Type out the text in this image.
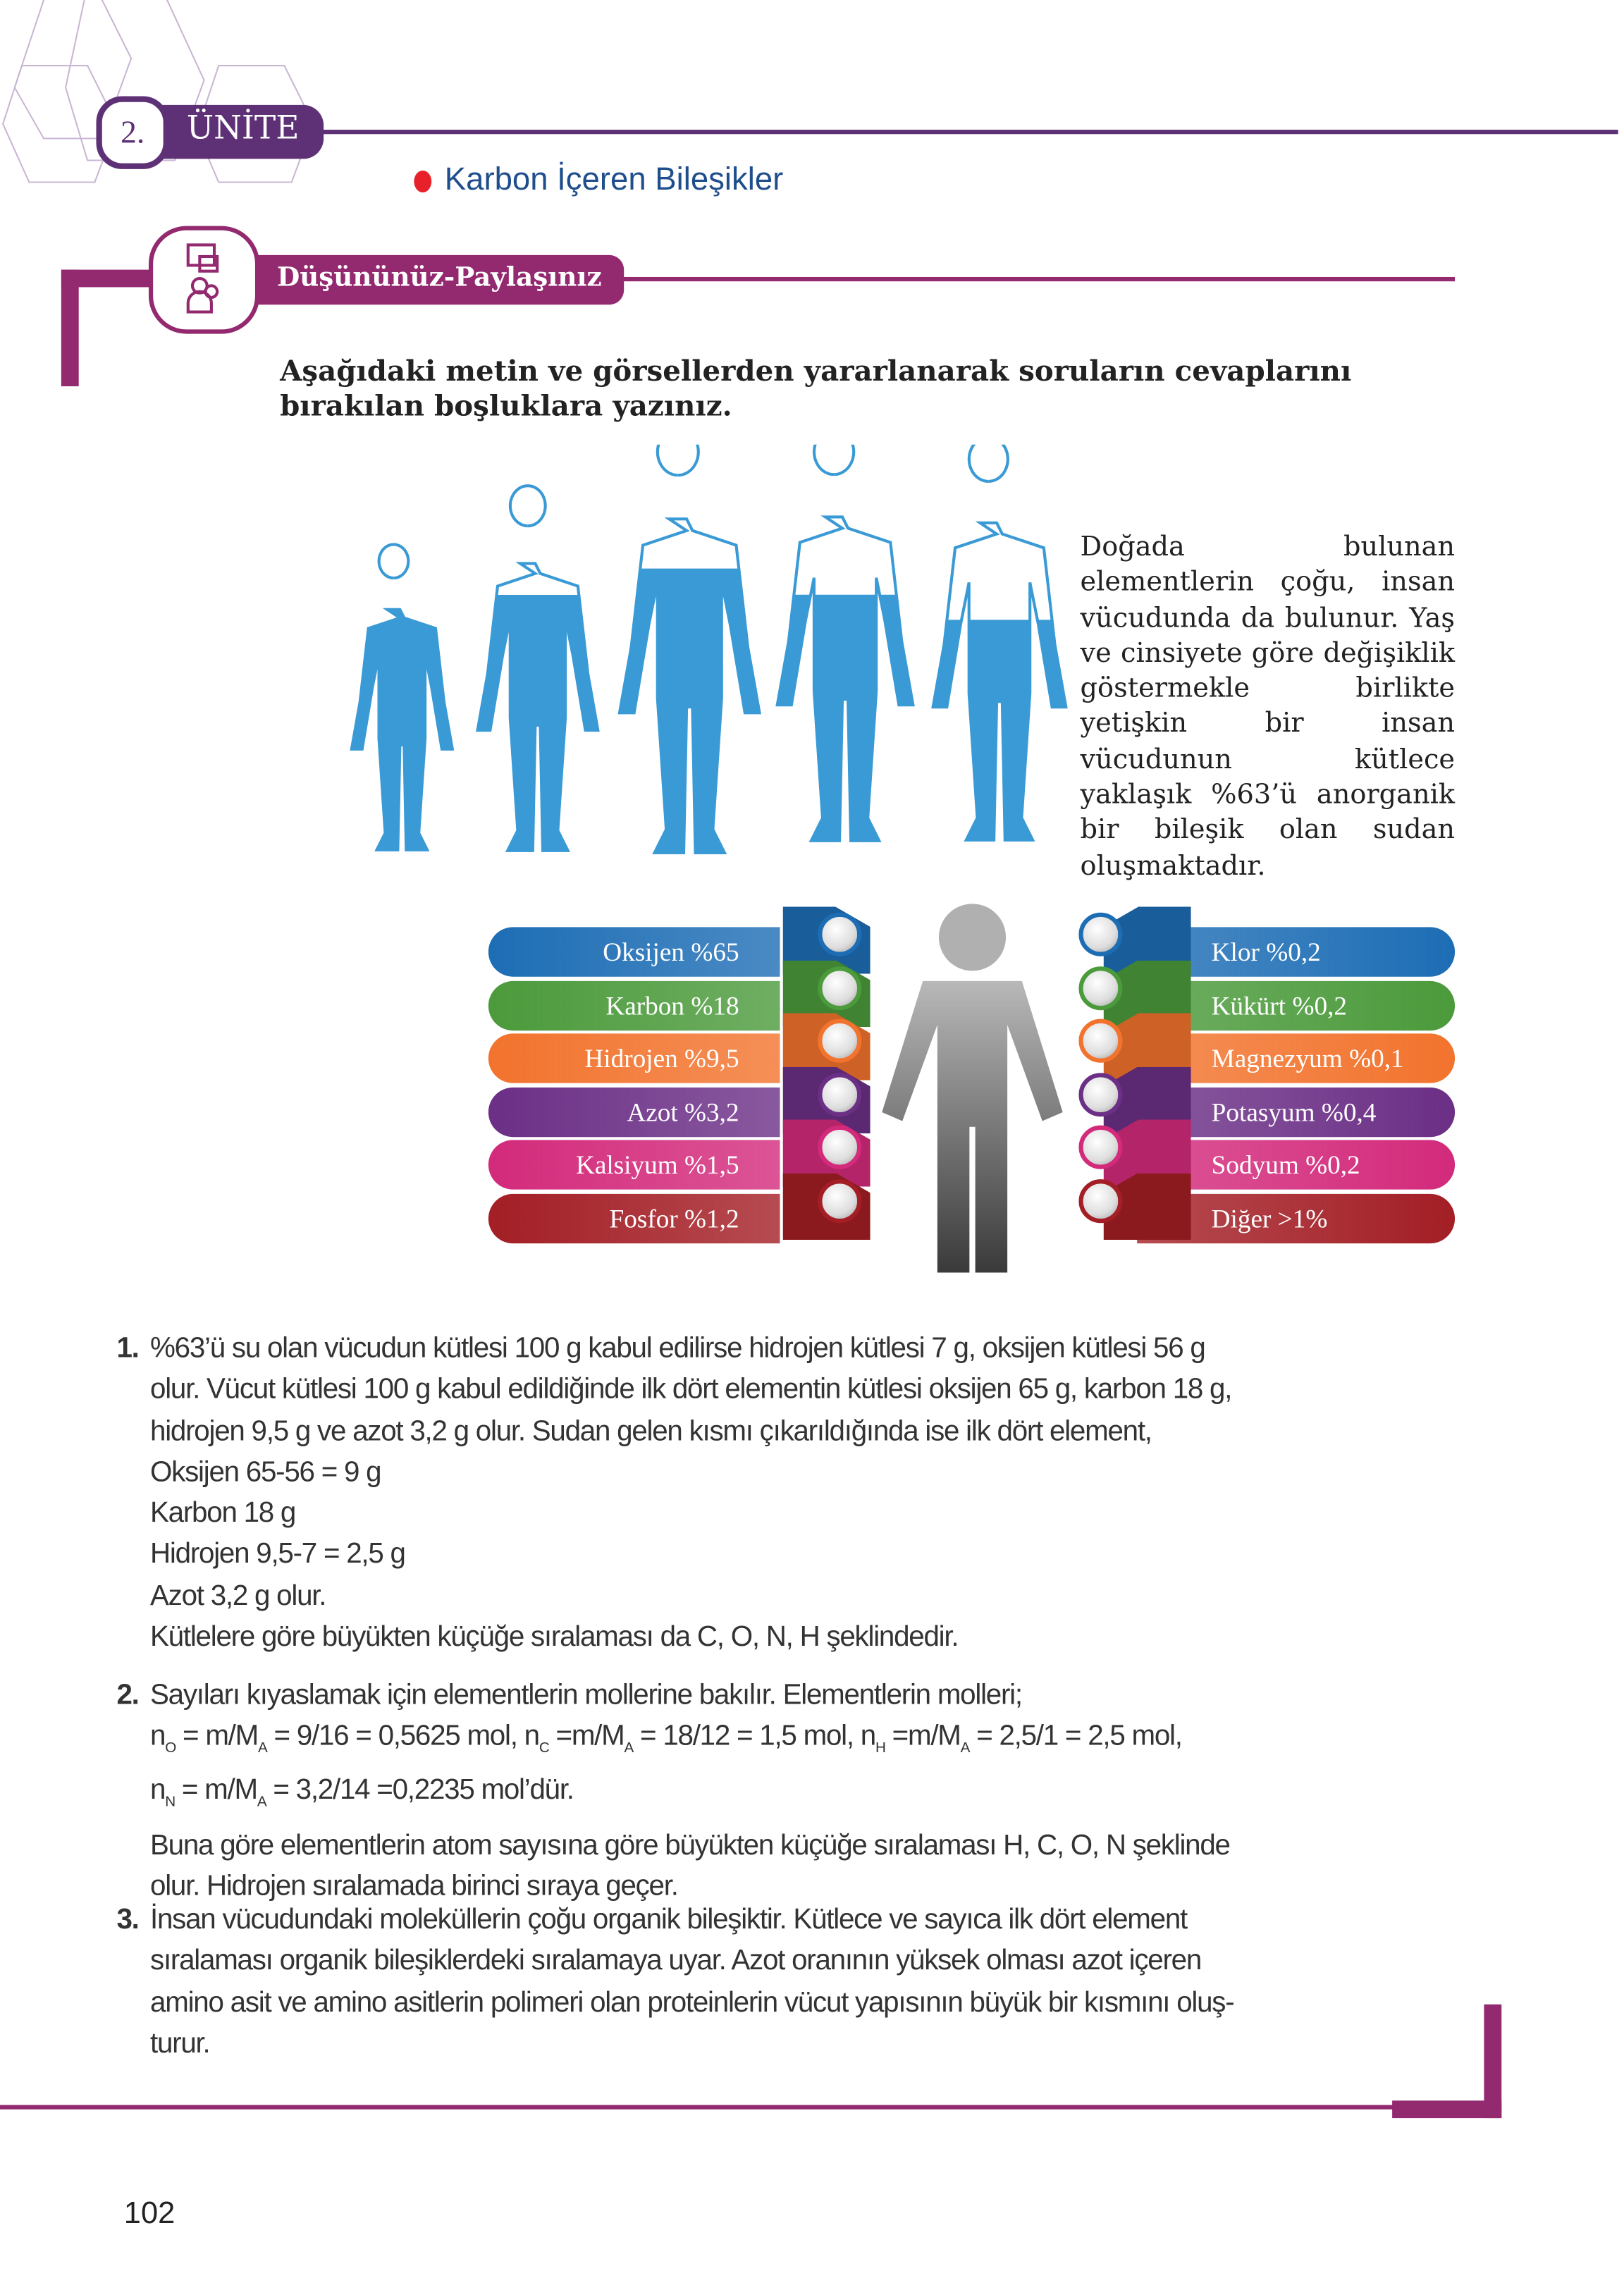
ÜNİTE
2.
Karbon İçeren Bileşikler
Düşününüz-Paylaşınız
Aşağıdaki metin ve görsellerden yararlanarak soruların cevaplarını bırakılan boşluklara yazınız.
Doğada bulunan elementlerin çoğu, insan vücudunda da bulunur. Yaş ve cinsiyete göre değişiklik göstermekle birlikte yetişkin bir insan vücudunun kütlece yaklaşık %63’ü anorganik bir bileşik olan sudan oluşmaktadır.
1. %63’ü su olan vücudun kütlesi 100 g kabul edilirse hidrojen kütlesi 7 g, oksijen kütlesi 56 g
olur. Vücut kütlesi 100 g kabul edildiğinde ilk dört elementin kütlesi oksijen 65 g, karbon 18 g,
hidrojen 9,5 g ve azot 3,2 g olur. Sudan gelen kısmı çıkarıldığında ise ilk dört element,
Oksijen 65-56 = 9 g
Karbon 18 g
Hidrojen 9,5-7 = 2,5 g
Azot 3,2 g olur.
Kütlelere göre büyükten küçüğe sıralaması da C, O, N, H şeklindedir.
2. Sayıları kıyaslamak için elementlerin mollerine bakılır. Elementlerin molleri;
$n_O = m/M_A = 9/16 = 0,5625$ mol, $n_C =m/M_A = 18/12 = 1,5$ mol, $n_H =m/M_A = 2,5/1 = 2,5$ mol,
$n_N = m/M_A = 3,2/14 =0,2235$ mol’dür.
Buna göre elementlerin atom sayısına göre büyükten küçüğe sıralaması H, C, O, N şeklinde
olur. Hidrojen sıralamada birinci sıraya geçer.
3. İnsan vücudundaki moleküllerin çoğu organik bileşiktir. Kütlece ve sayıca ilk dört element
sıralaması organik bileşiklerdeki sıralamaya uyar. Azot oranının yüksek olması azot içeren
amino asit ve amino asitlerin polimeri olan proteinlerin vücut yapısının büyük bir kısmını oluş-
turur.
102
Oksijen %65
Karbon %18
Hidrojen %9,5
Azot %3,2
Kalsiyum %1,5
Fosfor %1,2
Klor %0,2
Kükürt %0,2
Magnezyum %0,1
Potasyum %0,4
Sodyum %0,2
Diğer >1%
